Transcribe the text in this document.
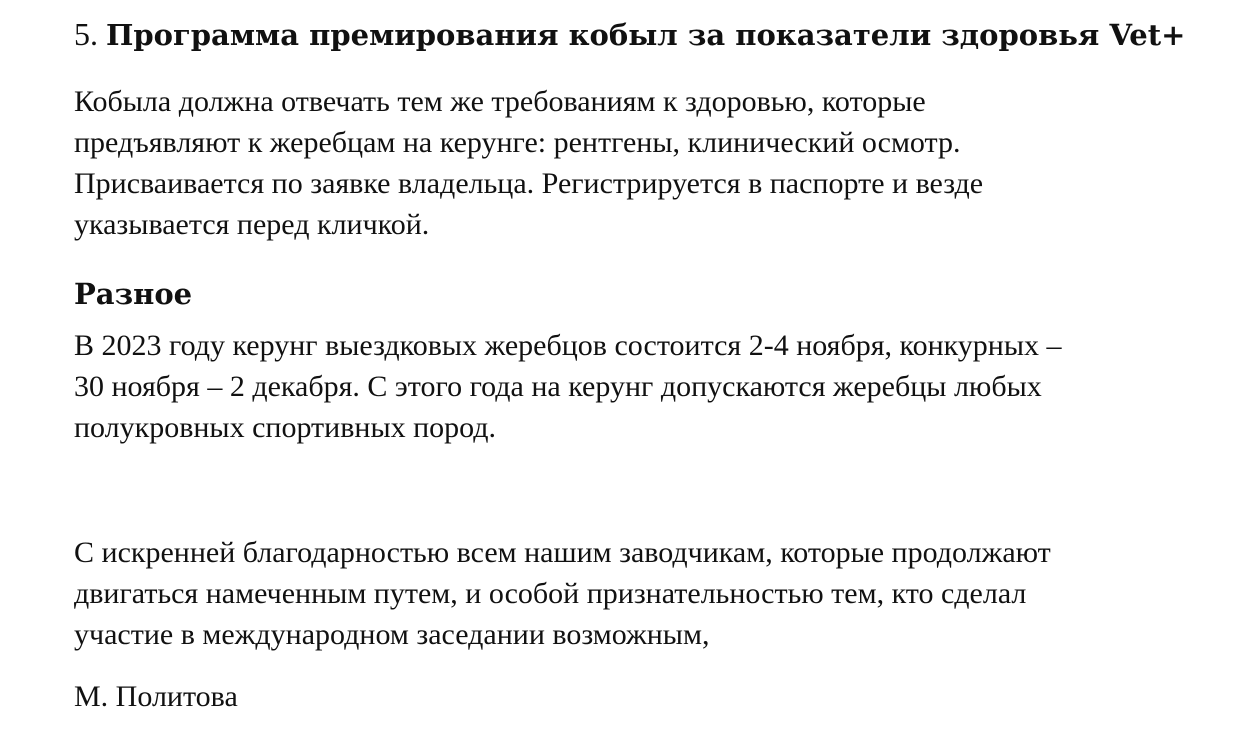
5. Программа премирования кобыл за показатели здоровья Vet+

Кобыла должна отвечать тем же требованиям к здоровью, которые
предъявляют к жеребцам на керунге: рентгены, клинический осмотр.
Присваивается по заявке владельца. Регистрируется в паспорте и везде
указывается перед кличкой.

Разное

В 2023 году керунг выездковых жеребцов состоится 2-4 ноября, конкурных –
30 ноября – 2 декабря. С этого года на керунг допускаются жеребцы любых
полукровных спортивных пород.

С искренней благодарностью всем нашим заводчикам, которые продолжают
двигаться намеченным путем, и особой признательностью тем, кто сделал
участие в международном заседании возможным,

М. Политова
